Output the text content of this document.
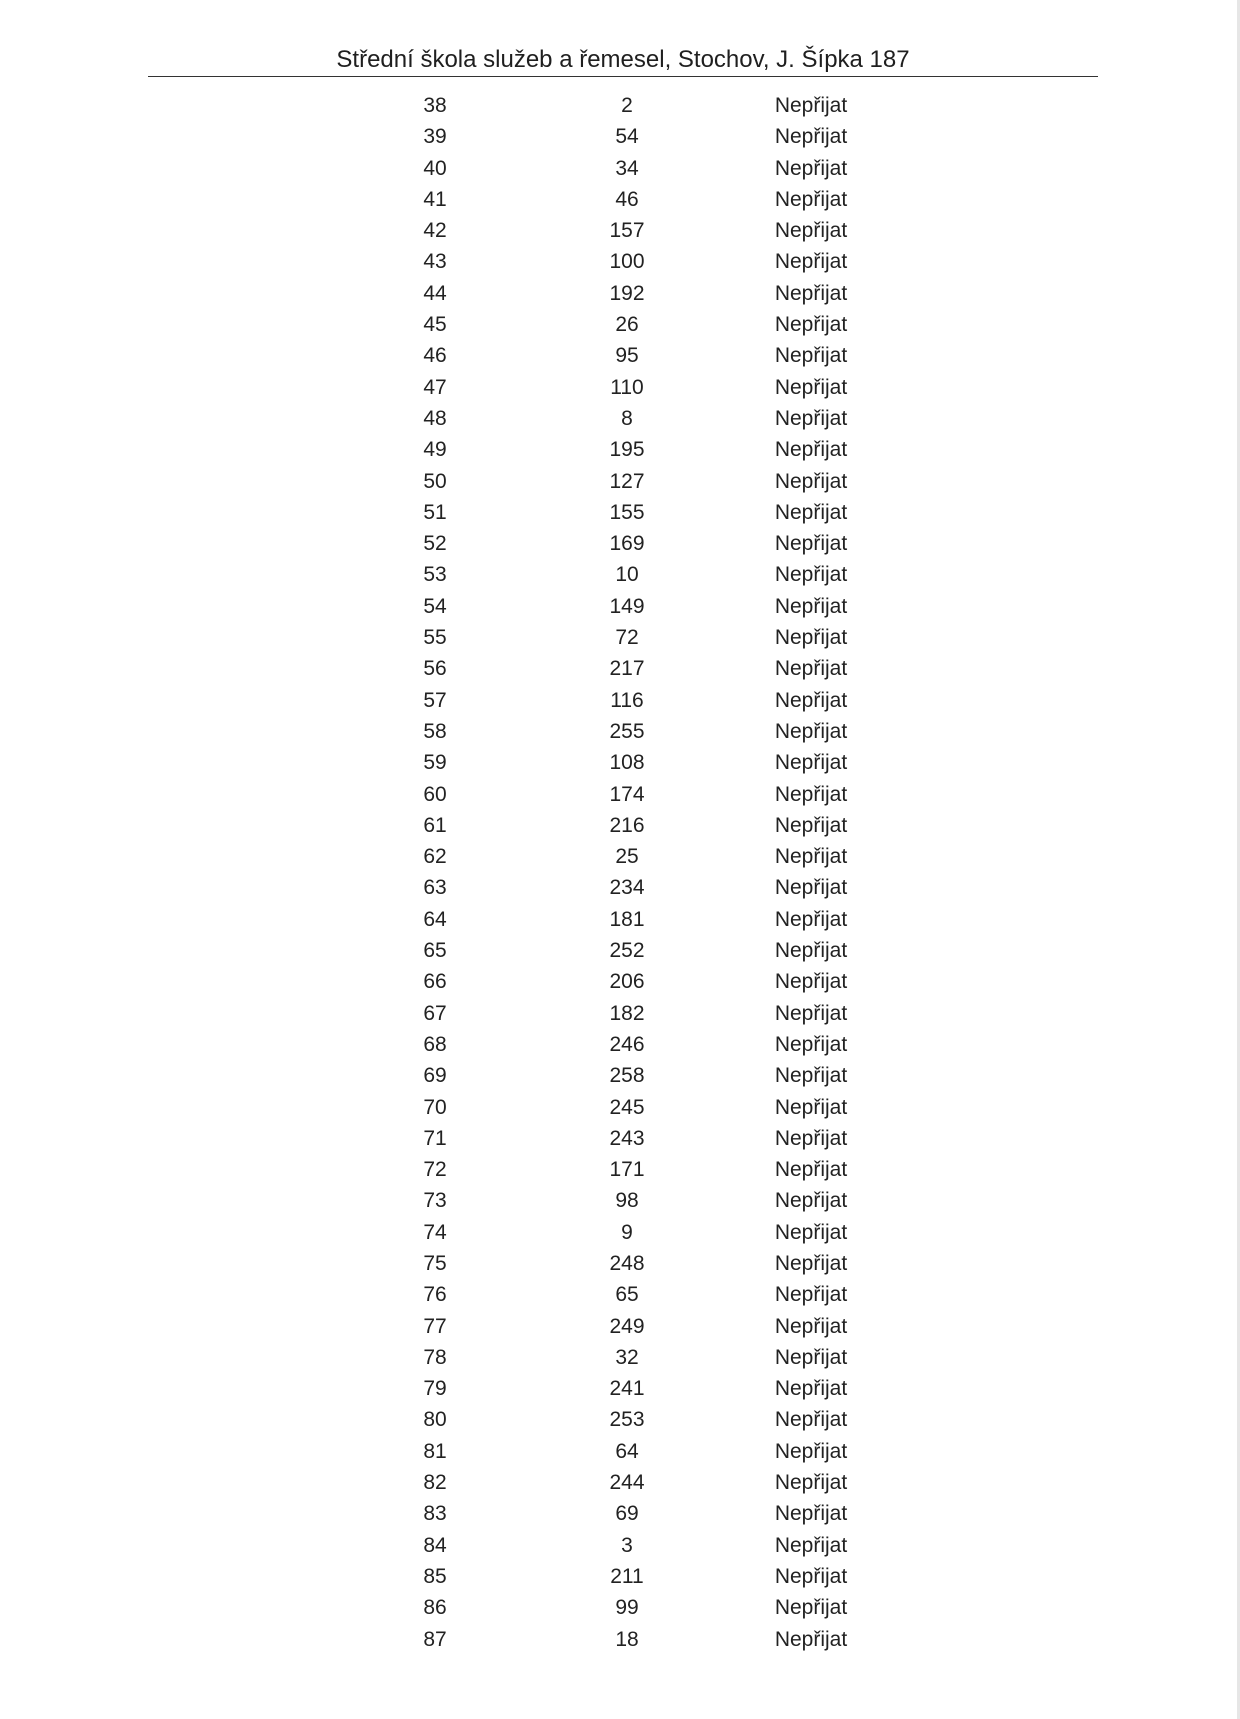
Střední škola služeb a řemesel, Stochov, J. Šípka 187
38	2	Nepřijat
39	54	Nepřijat
40	34	Nepřijat
41	46	Nepřijat
42	157	Nepřijat
43	100	Nepřijat
44	192	Nepřijat
45	26	Nepřijat
46	95	Nepřijat
47	110	Nepřijat
48	8	Nepřijat
49	195	Nepřijat
50	127	Nepřijat
51	155	Nepřijat
52	169	Nepřijat
53	10	Nepřijat
54	149	Nepřijat
55	72	Nepřijat
56	217	Nepřijat
57	116	Nepřijat
58	255	Nepřijat
59	108	Nepřijat
60	174	Nepřijat
61	216	Nepřijat
62	25	Nepřijat
63	234	Nepřijat
64	181	Nepřijat
65	252	Nepřijat
66	206	Nepřijat
67	182	Nepřijat
68	246	Nepřijat
69	258	Nepřijat
70	245	Nepřijat
71	243	Nepřijat
72	171	Nepřijat
73	98	Nepřijat
74	9	Nepřijat
75	248	Nepřijat
76	65	Nepřijat
77	249	Nepřijat
78	32	Nepřijat
79	241	Nepřijat
80	253	Nepřijat
81	64	Nepřijat
82	244	Nepřijat
83	69	Nepřijat
84	3	Nepřijat
85	211	Nepřijat
86	99	Nepřijat
87	18	Nepřijat
